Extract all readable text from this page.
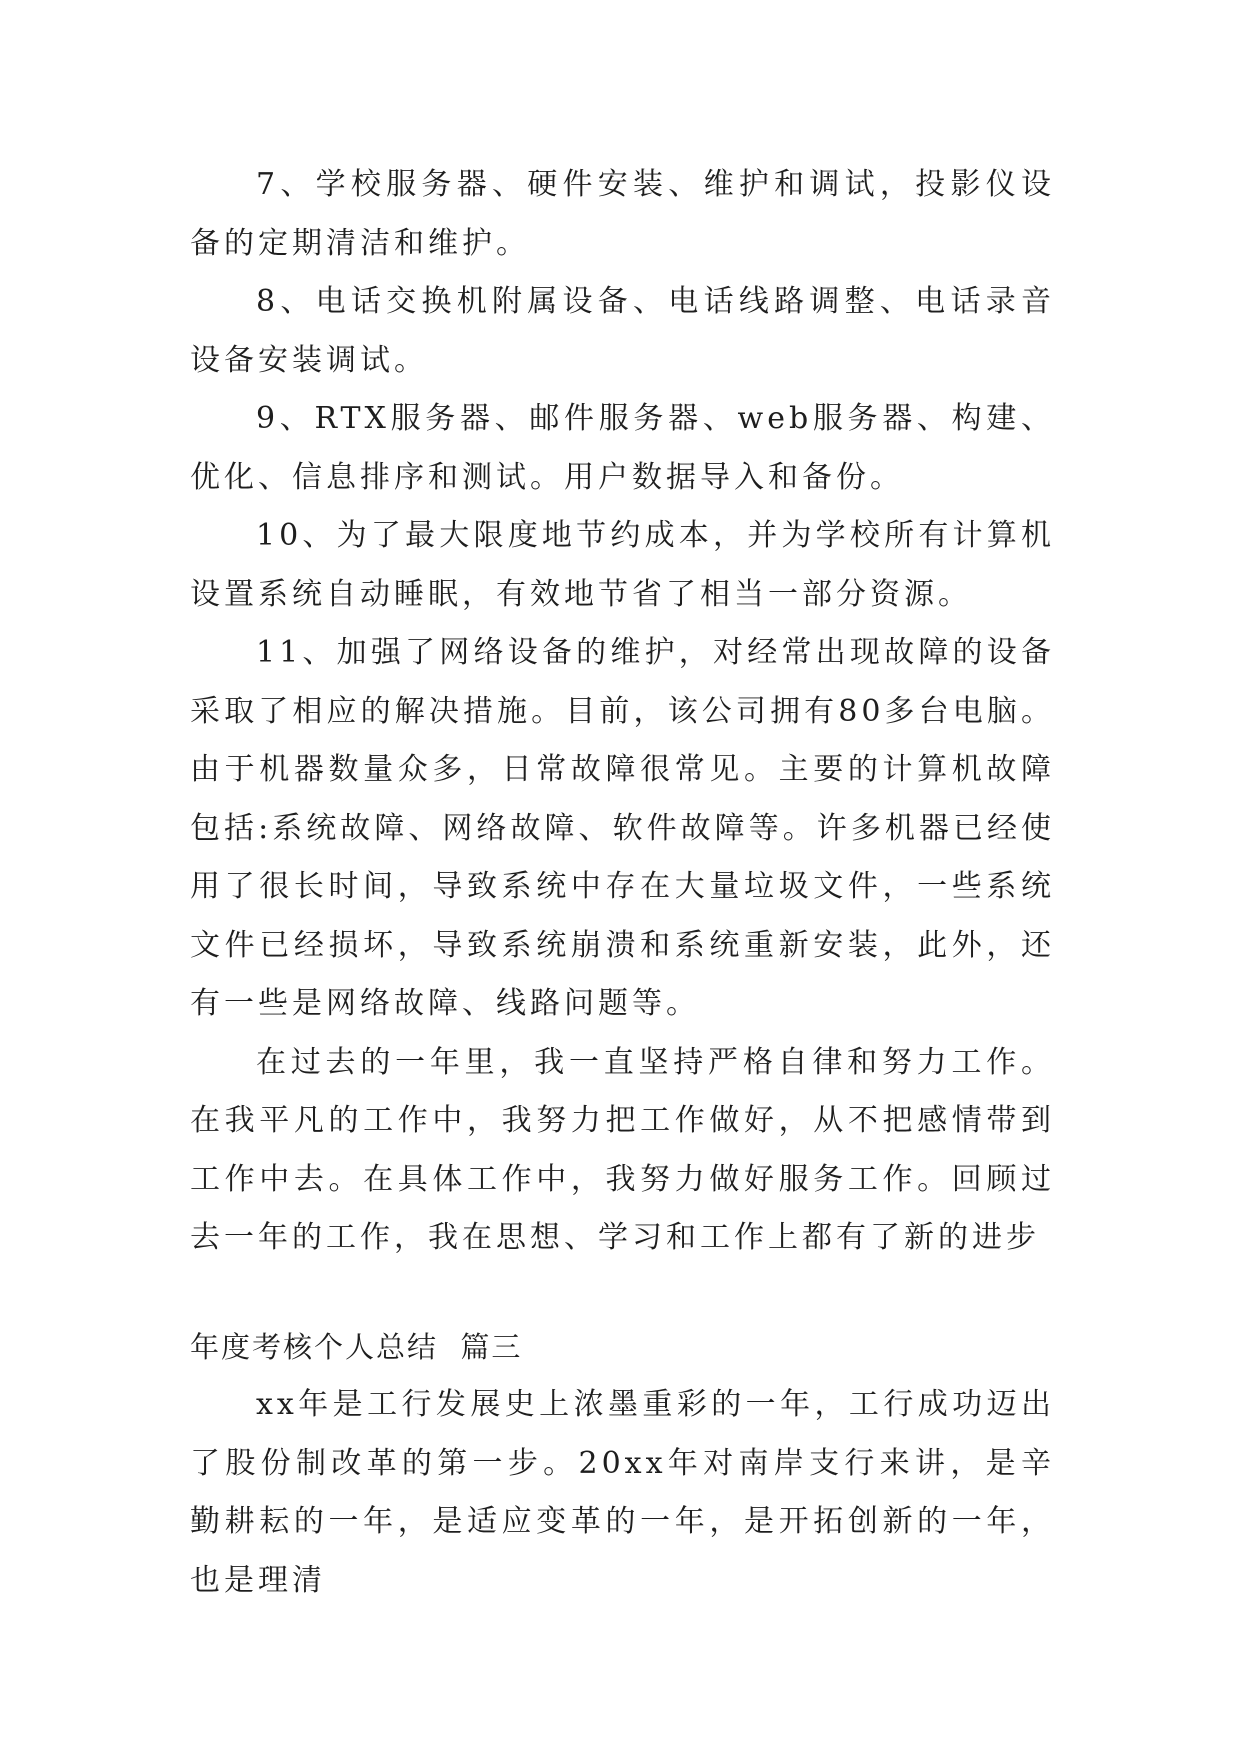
7、学校服务器、硬件安装、维护和调试，投影仪设备的定期清洁和维护。

8、电话交换机附属设备、电话线路调整、电话录音设备安装调试。

9、RTX服务器、邮件服务器、web服务器、构建、优化、信息排序和测试。用户数据导入和备份。

10、为了最大限度地节约成本，并为学校所有计算机设置系统自动睡眠，有效地节省了相当一部分资源。

11、加强了网络设备的维护，对经常出现故障的设备采取了相应的解决措施。目前，该公司拥有80多台电脑。由于机器数量众多，日常故障很常见。主要的计算机故障包括:系统故障、网络故障、软件故障等。许多机器已经使用了很长时间，导致系统中存在大量垃圾文件，一些系统文件已经损坏，导致系统崩溃和系统重新安装，此外，还有一些是网络故障、线路问题等。

在过去的一年里，我一直坚持严格自律和努力工作。在我平凡的工作中，我努力把工作做好，从不把感情带到工作中去。在具体工作中，我努力做好服务工作。回顾过去一年的工作，我在思想、学习和工作上都有了新的进步

年度考核个人总结  篇三

xx年是工行发展史上浓墨重彩的一年，工行成功迈出了股份制改革的第一步。20xx年对南岸支行来讲，是辛勤耕耘的一年，是适应变革的一年，是开拓创新的一年，也是理清
